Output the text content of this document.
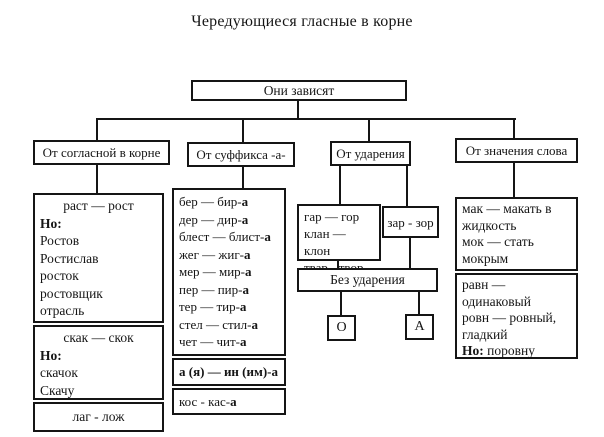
Чередующиеся гласные в корне
Они зависят
От согласной в корне	От суффикса -а-	От ударения	От значения слова
раст — рост
Но:
Ростов
Ростислав
росток
ростовщик
отрасль
скак — скок
Но:
скачок
Скачу
лаг - лож
бер — бир-а
дер — дир-а
блест — блист-а
жег — жиг-а
мер — мир-а
пер — пир-а
тер — тир-а
стел — стил-а
чет — чит-а
а (я) — ин (им)-а
кос - кас-а
гар — гор
клан — клон
зар - зор
Без ударения
О	А
мак — макать в жидкость
мок — стать мокрым
равн — одинаковый
ровн — ровный, гладкий
Но: поровну
